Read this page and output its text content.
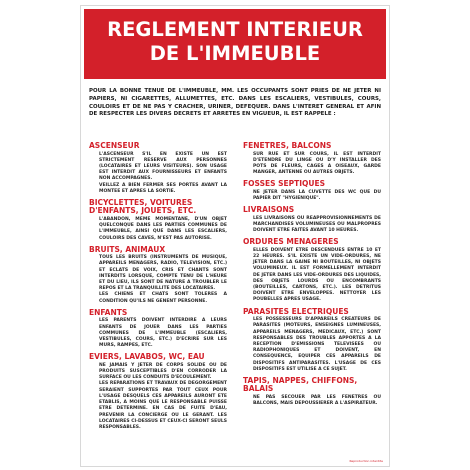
REGLEMENT INTERIEUR
DE L'IMMEUBLE

POUR LA BONNE TENUE DE L'IMMEUBLE, MM. LES OCCUPANTS SONT PRIES DE NE JETER NI PAPIERS, NI CIGARETTES, ALLUMETTES, ETC. DANS LES ESCALIERS, VESTIBULES, COURS, COULOIRS ET DE NE PAS Y CRACHER, URINER, DEFEQUER. DANS L'INTERET GENERAL ET AFIN DE RESPECTER LES DIVERS DECRETS ET ARRETES EN VIGUEUR, IL EST RAPPELE :

ASCENSEUR

L'ASCENSEUR S'IL EN EXISTE UN EST STRICTEMENT RESERVE AUX PERSONNES (LOCATAIRES ET LEURS VISITEURS). SON USAGE EST INTERDIT AUX FOURNISSEURS ET ENFANTS NON ACCOMPAGNES.

VEILLEZ A BIEN FERMER SES PORTES AVANT LA MONTEE ET APRES LA SORTIE.

BICYCLETTES, VOITURES D'ENFANTS, JOUETS, ETC.

L'ABANDON, MEME MOMENTANE, D'UN OBJET QUELCONQUE DANS LES PARTIES COMMUNES DE L'IMMEUBLE, AINSI QUE DANS LES ESCALIERS, COULOIRS DES CAVES, N'EST PAS AUTORISE.

BRUITS, ANIMAUX

TOUS LES BRUITS (INSTRUMENTS DE MUSIQUE, APPAREILS MENAGERS, RADIO, TELEVISION, ETC.) ET ECLATS DE VOIX, CRIS ET CHANTS SONT INTERDITS LORSQUE, COMPTE TENU DE L'HEURE ET DU LIEU, ILS SONT DE NATURE A TROUBLER LE REPOS ET LA TRANQUILLITE DES LOCATAIRES.

LES CHIENS ET CHATS SONT TOLERES A CONDITION QU'ILS NE GENENT PERSONNE.

ENFANTS

LES PARENTS DOIVENT INTERDIRE A LEURS ENFANTS DE JOUER DANS LES PARTIES COMMUNES DE L'IMMEUBLE (ESCALIERS, VESTIBULES, COURS, ETC.) D'ECRIRE SUR LES MURS, RAMPES, ETC.

EVIERS, LAVABOS, WC, EAU

NE JAMAIS Y JETER DE CORPS SOLIDE OU DE PRODUITS SUSCEPTIBLES D'EN CORRODER LA SURFACE OU LES CONDUITS D'ECOULEMENT.

LES REPARATIONS ET TRAVAUX DE DEGORGEMENT SERAIENT SUPPORTES PAR TOUT CEUX POUR L'USAGE DESQUELS CES APPAREILS AURONT ETE ETABLIS, A MOINS QUE LE RESPONSABLE PUISSE ETRE DETERMINE. EN CAS DE FUITE D'EAU, PREVENIR LA CONCIERGE OU LE GERANT. LES LOCATAIRES CI-DESSUS ET CEUX-CI SERONT SEULS RESPONSABLES.

FENETRES, BALCONS

SUR RUE ET SUR COURS, IL EST INTERDIT D'ETENDRE DU LINGE OU D'Y INSTALLER DES POTS DE FLEURS, CAGES A OISEAUX, GARDE MANGER, ANTENNE OU AUTRES OBJETS.

FOSSES SEPTIQUES

NE JETER DANS LA CUVETTE DES WC QUE DU PAPIER DIT "HYGIENIQUE".

LIVRAISONS

LES LIVRAISONS OU REAPPROVISIONNEMENTS DE MARCHANDISES VOLUMINEUSES OU MALPROPRES DOIVENT ETRE FAITES AVANT 10 HEURES.

ORDURES MENAGERES

ELLES DOIVENT ETRE DESCENDUES ENTRE 10 ET 22 HEURES. S'IL EXISTE UN VIDE-ORDURES, NE JETER DANS LA GAINE NI BOUTEILLES, NI OBJETS VOLUMINEUX. IL EST FORMELLEMENT INTERDIT DE JETER DANS LES VIDE-ORDURES DES LIQUIDES, DES OBJETS LOURDS OU ENCOMBRANTS (BOUTEILLES, CARTONS, ETC.). LES DETRITUS DOIVENT ETRE ENVELOPPES. NETTOYER LES POUBELLES APRES USAGE.

PARASITES ELECTRIQUES

LES POSSESSEURS D'APPAREILS CREATEURS DE PARASITES (MOTEURS, ENSEIGNES LUMINEUSES, APPAREILS MENAGERS, MEDICAUX, ETC.) SONT RESPONSABLES DES TROUBLES APPORTES A LA RECEPTION D'EMISSIONS TELEVISEES OU RADIOPHONIQUES ET DOIVENT, EN CONSEQUENCE, EQUIPER CES APPAREILS DE DISPOSITIFS ANTIPARASITES. L'USAGE DE CES DISPOSITIFS EST UTILISE A CE SUJET.

TAPIS, NAPPES, CHIFFONS, BALAIS

NE PAS SECOUER PAR LES FENETRES OU BALCONS, MAIS DEPOUSSIERER A L'ASPIRATEUR.

Reproduction interdite
